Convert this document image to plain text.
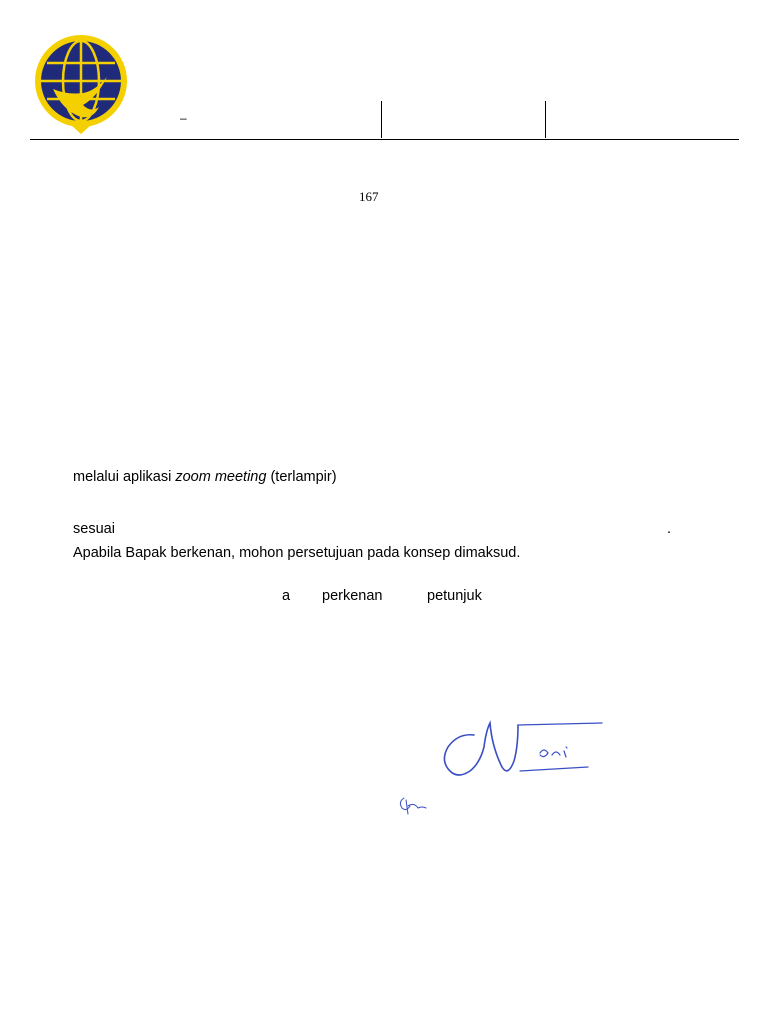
–
167
melalui aplikasi zoom meeting (terlampir)
sesuai	.
Apabila Bapak berkenan, mohon persetujuan pada konsep dimaksud.
a perkenan	petunjuk
